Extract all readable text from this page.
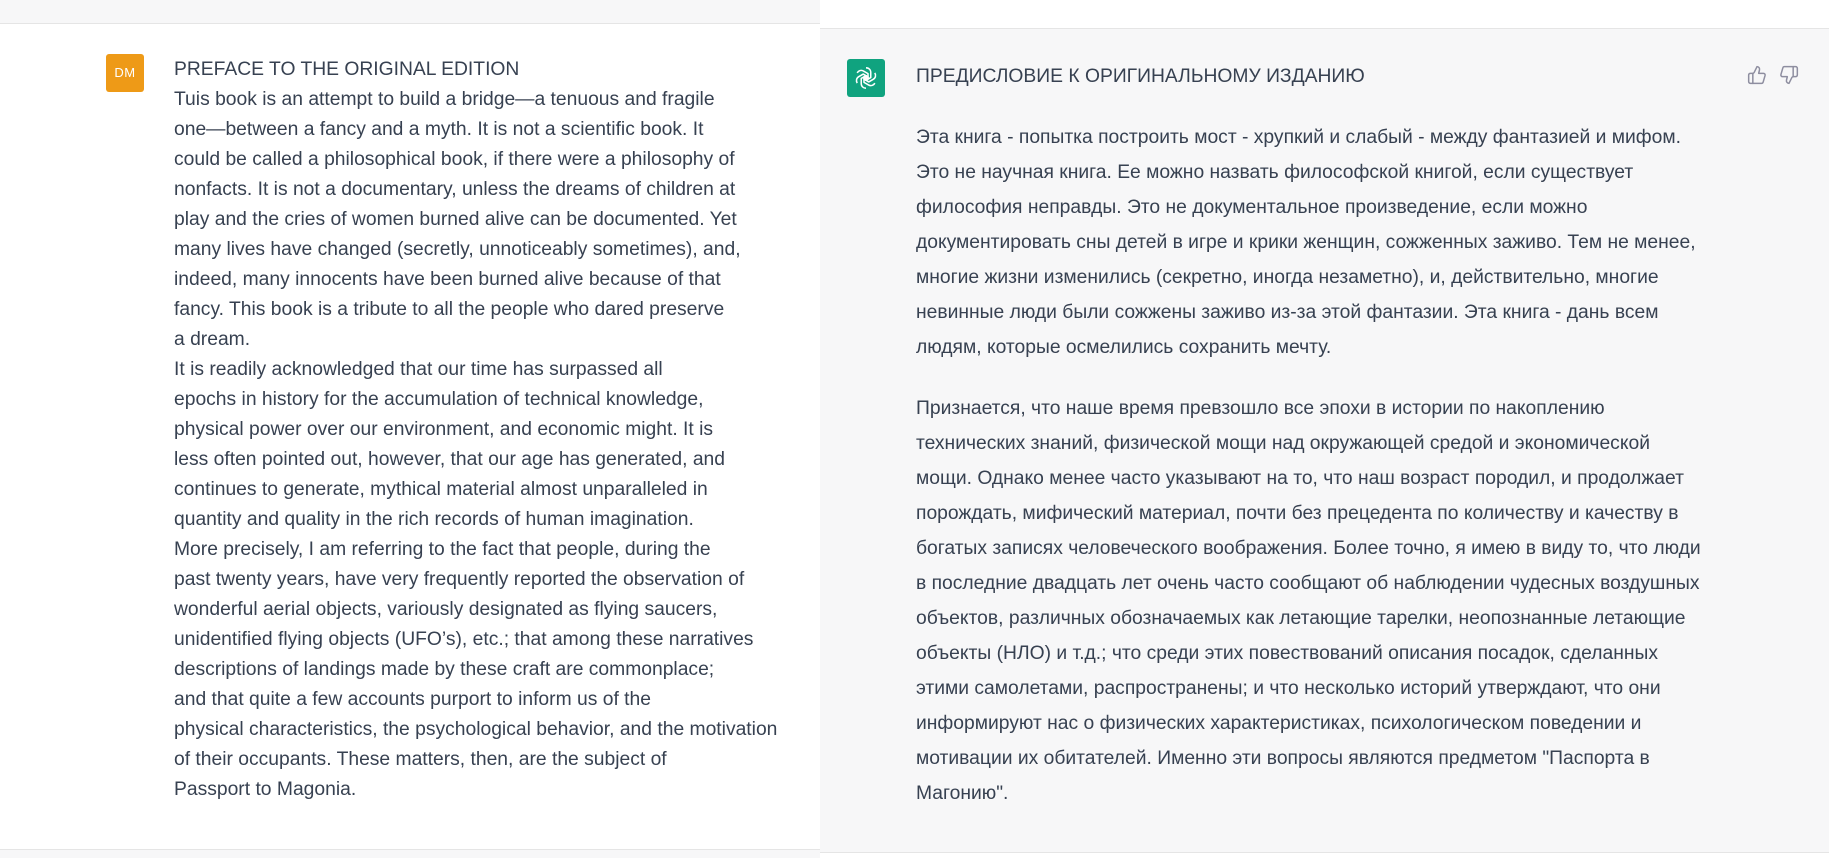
DM	PREFACE TO THE ORIGINAL EDITION
Tuis book is an attempt to build a bridge—a tenuous and fragile
one—between a fancy and a myth. It is not a scientific book. It
could be called a philosophical book, if there were a philosophy of
nonfacts. It is not a documentary, unless the dreams of children at
play and the cries of women burned alive can be documented. Yet
many lives have changed (secretly, unnoticeably sometimes), and,
indeed, many innocents have been burned alive because of that
fancy. This book is a tribute to all the people who dared preserve
a dream.
It is readily acknowledged that our time has surpassed all
epochs in history for the accumulation of technical knowledge,
physical power over our environment, and economic might. It is
less often pointed out, however, that our age has generated, and
continues to generate, mythical material almost unparalleled in
quantity and quality in the rich records of human imagination.
More precisely, I am referring to the fact that people, during the
past twenty years, have very frequently reported the observation of
wonderful aerial objects, variously designated as flying saucers,
unidentified flying objects (UFO’s), etc.; that among these narratives
descriptions of landings made by these craft are commonplace;
and that quite a few accounts purport to inform us of the
physical characteristics, the psychological behavior, and the motivation
of their occupants. These matters, then, are the subject of
Passport to Magonia.
ПРЕДИСЛОВИЕ К ОРИГИНАЛЬНОМУ ИЗДАНИЮ
Эта книга - попытка построить мост - хрупкий и слабый - между фантазией и мифом.
Это не научная книга. Ее можно назвать философской книгой, если существует
философия неправды. Это не документальное произведение, если можно
документировать сны детей в игре и крики женщин, сожженных заживо. Тем не менее,
многие жизни изменились (секретно, иногда незаметно), и, действительно, многие
невинные люди были сожжены заживо из-за этой фантазии. Эта книга - дань всем
людям, которые осмелились сохранить мечту.
Признается, что наше время превзошло все эпохи в истории по накоплению
технических знаний, физической мощи над окружающей средой и экономической
мощи. Однако менее часто указывают на то, что наш возраст породил, и продолжает
порождать, мифический материал, почти без прецедента по количеству и качеству в
богатых записях человеческого воображения. Более точно, я имею в виду то, что люди
в последние двадцать лет очень часто сообщают об наблюдении чудесных воздушных
объектов, различных обозначаемых как летающие тарелки, неопознанные летающие
объекты (НЛО) и т.д.; что среди этих повествований описания посадок, сделанных
этими самолетами, распространены; и что несколько историй утверждают, что они
информируют нас о физических характеристиках, психологическом поведении и
мотивации их обитателей. Именно эти вопросы являются предметом "Паспорта в
Магонию".
